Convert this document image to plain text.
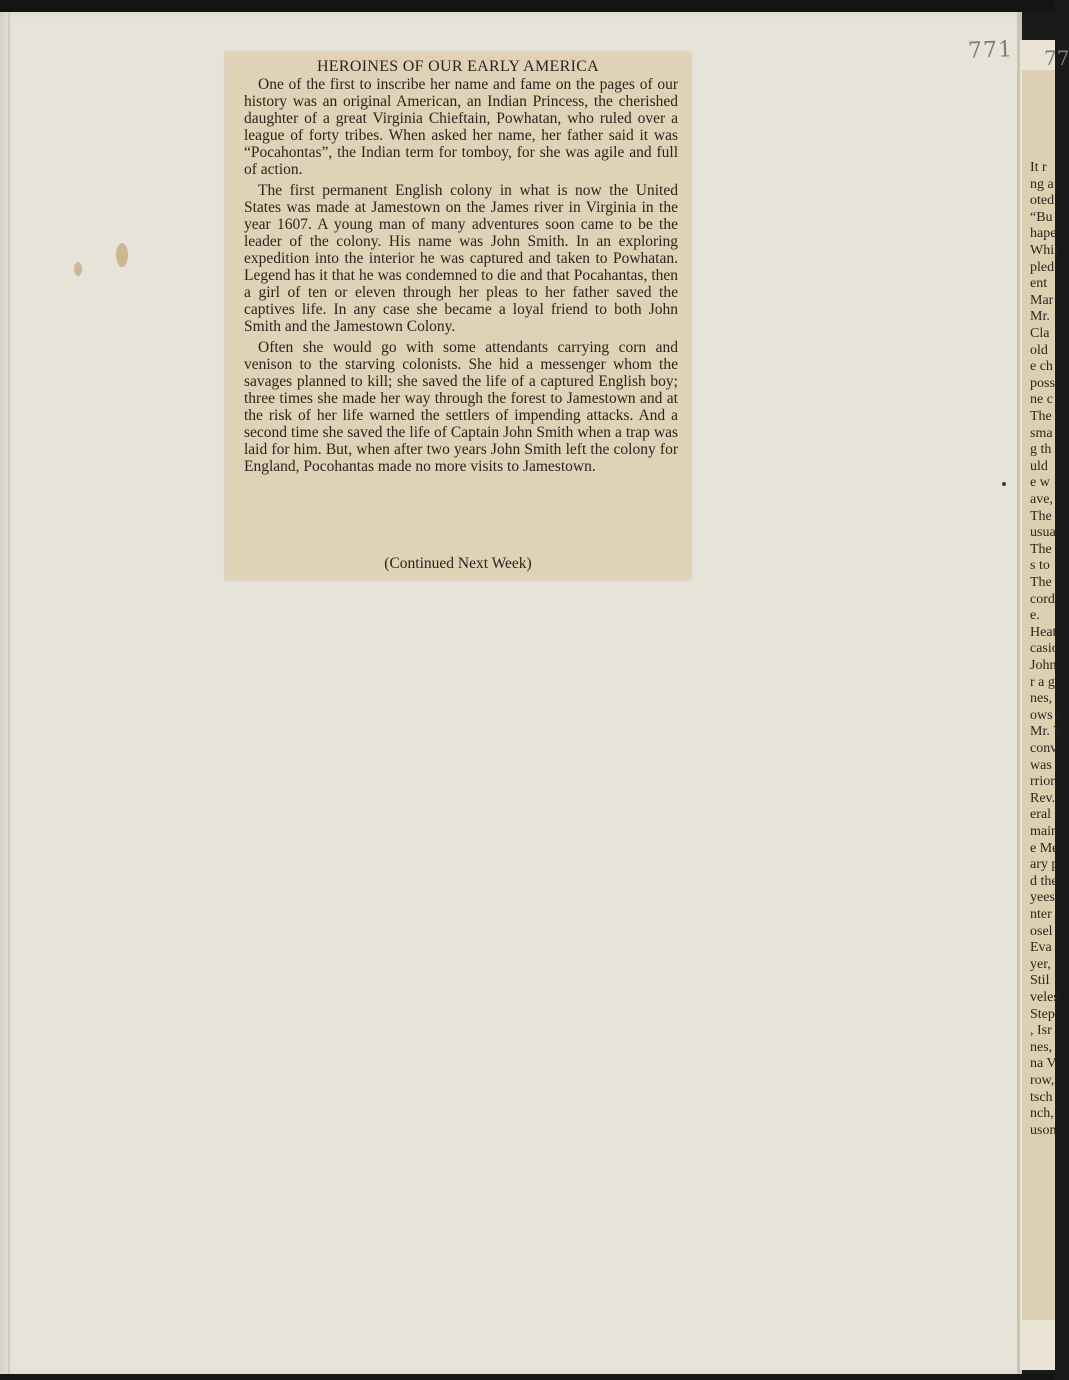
771
HEROINES OF OUR EARLY AMERICA

One of the first to inscribe her name and fame on the pages of our history was an original American, an Indian Princess, the cherished daughter of a great Virginia Chieftain, Powhatan, who ruled over a league of forty tribes. When asked her name, her father said it was “Pocahontas”, the Indian term for tomboy, for she was agile and full of action.

The first permanent English colony in what is now the United States was made at Jamestown on the James river in Virginia in the year 1607. A young man of many adventures soon came to be the leader of the colony. His name was John Smith. In an exploring expedition into the interior he was captured and taken to Powhatan. Legend has it that he was condemned to die and that Pocahantas, then a girl of ten or eleven through her pleas to her father saved the captives life. In any case she became a loyal friend to both John Smith and the Jamestown Colony.

Often she would go with some attendants carrying corn and venison to the starving colonists. She hid a messenger whom the savages planned to kill; she saved the life of a captured English boy; three times she made her way through the forest to Jamestown and at the risk of her life warned the settlers of impending attacks. And a second time she saved the life of Captain John Smith when a trap was laid for him. But, when after two years John Smith left the colony for England, Pocohantas made no more visits to Jamestown.

(Continued Next Week)
77
It r
ng a
oted
“Bu
hape
Whil
pled
ent
Mar
Mr.
Cla
old
e ch
poss
ne c
The
sma
g th
uld
e w
ave,
The
usua
The
s to
The
cord
e.
Heat
casio
John
r a g
nes,
ows t
Mr. V
conv
was
rrior
Rev.
eral
main
e Me
ary p
d the
yees
nter
osel
Eva
yer,
Stil
veles
Step
, Isr
nes,
na V
row,
tsch
nch,
uson
